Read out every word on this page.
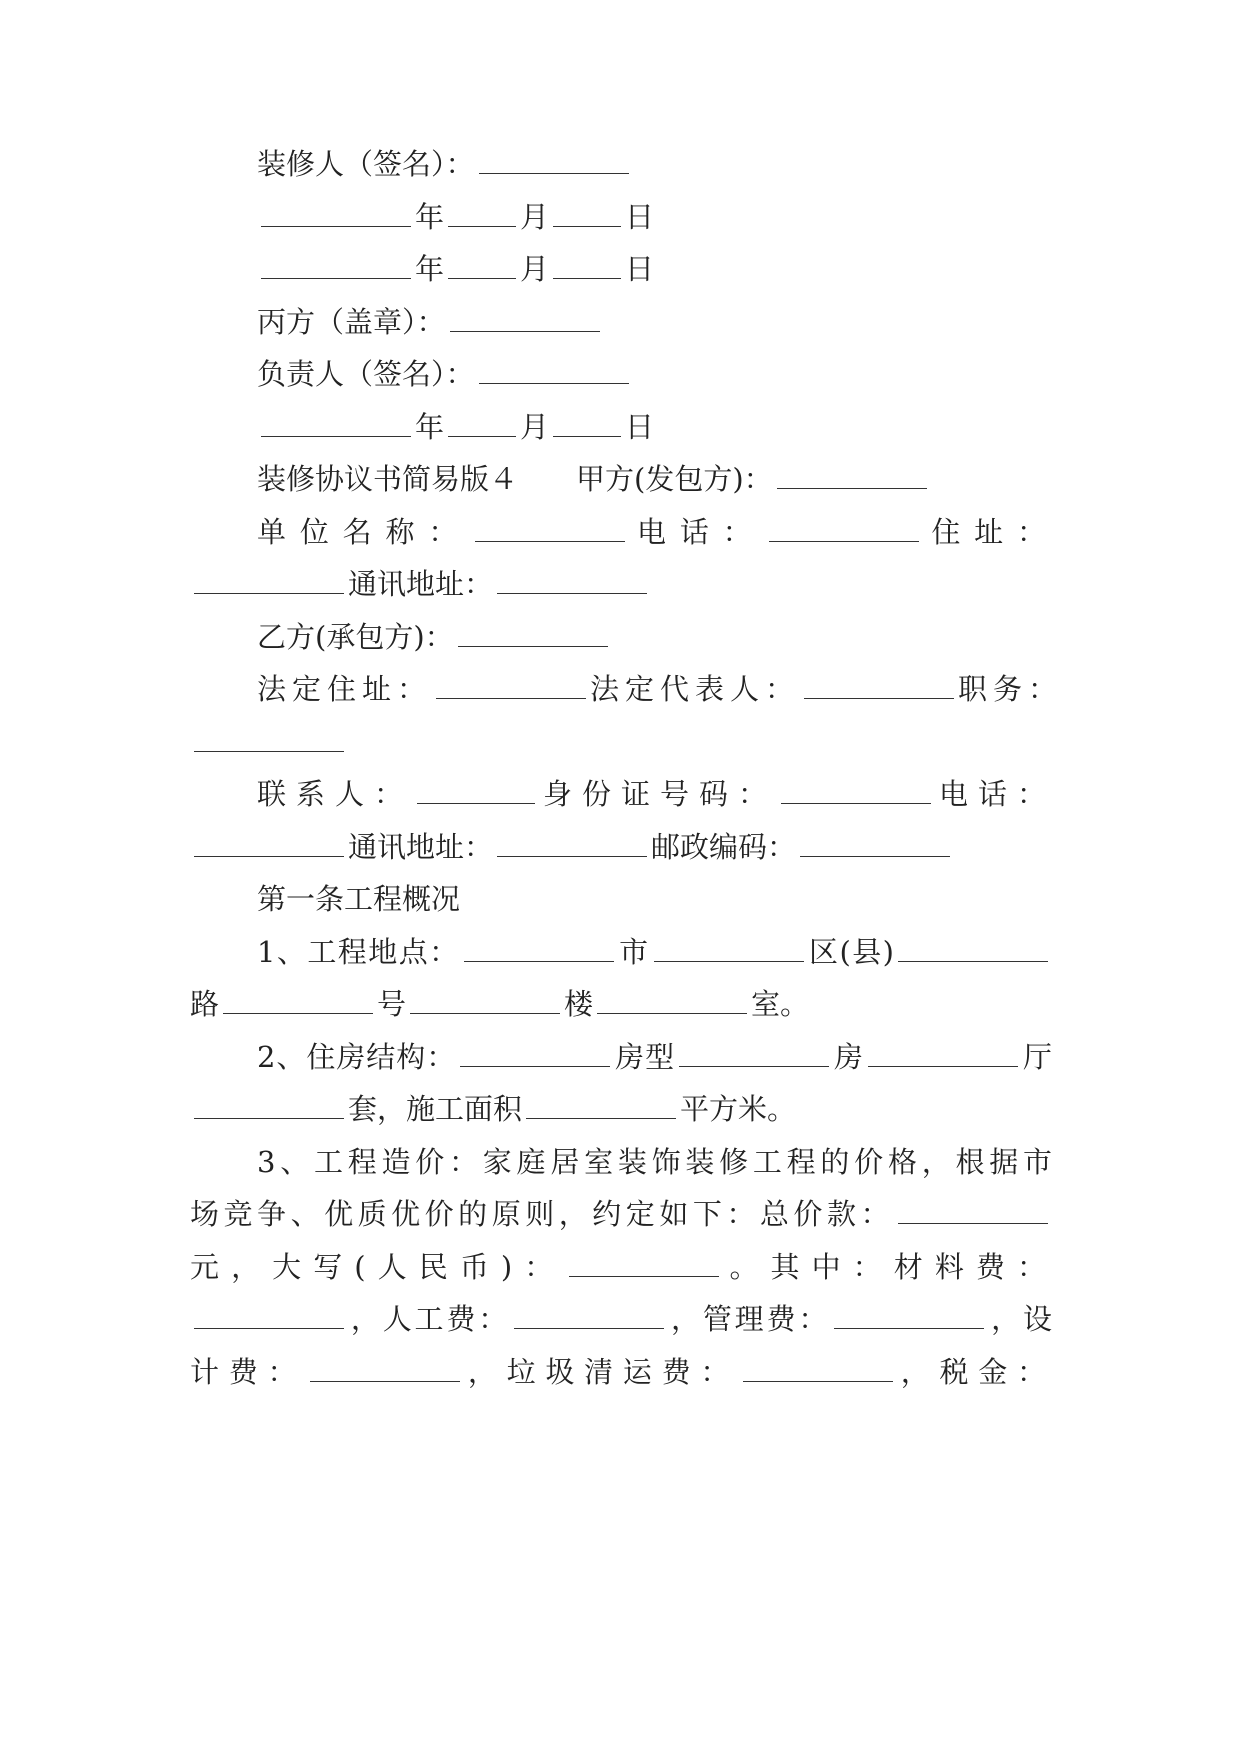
装修人（签名）：
年	月	日
年	月	日
丙方（盖章）：
负责人（签名）：
年	月	日
装修协议书简易版４　　甲方(发包方)：
单位名称：	电话：	住址：
通讯地址：
乙方(承包方)：
法定住址：	法定代表人：	职务：
联系人：	身份证号码：	电话：
通讯地址：	邮政编码：
第一条工程概况
1、工程地点：	市	区(县)
路	号	楼	室。
2、住房结构：	房型	房	厅
套，施工面积	平方米。
3、工程造价：家庭居室装饰装修工程的价格，根据市
场竞争、优质优价的原则，约定如下：总价款：
元，大写(人民币)：	。其中：材料费：
，人工费：	，管理费：	，设
计费：	，垃圾清运费：	，税金：
